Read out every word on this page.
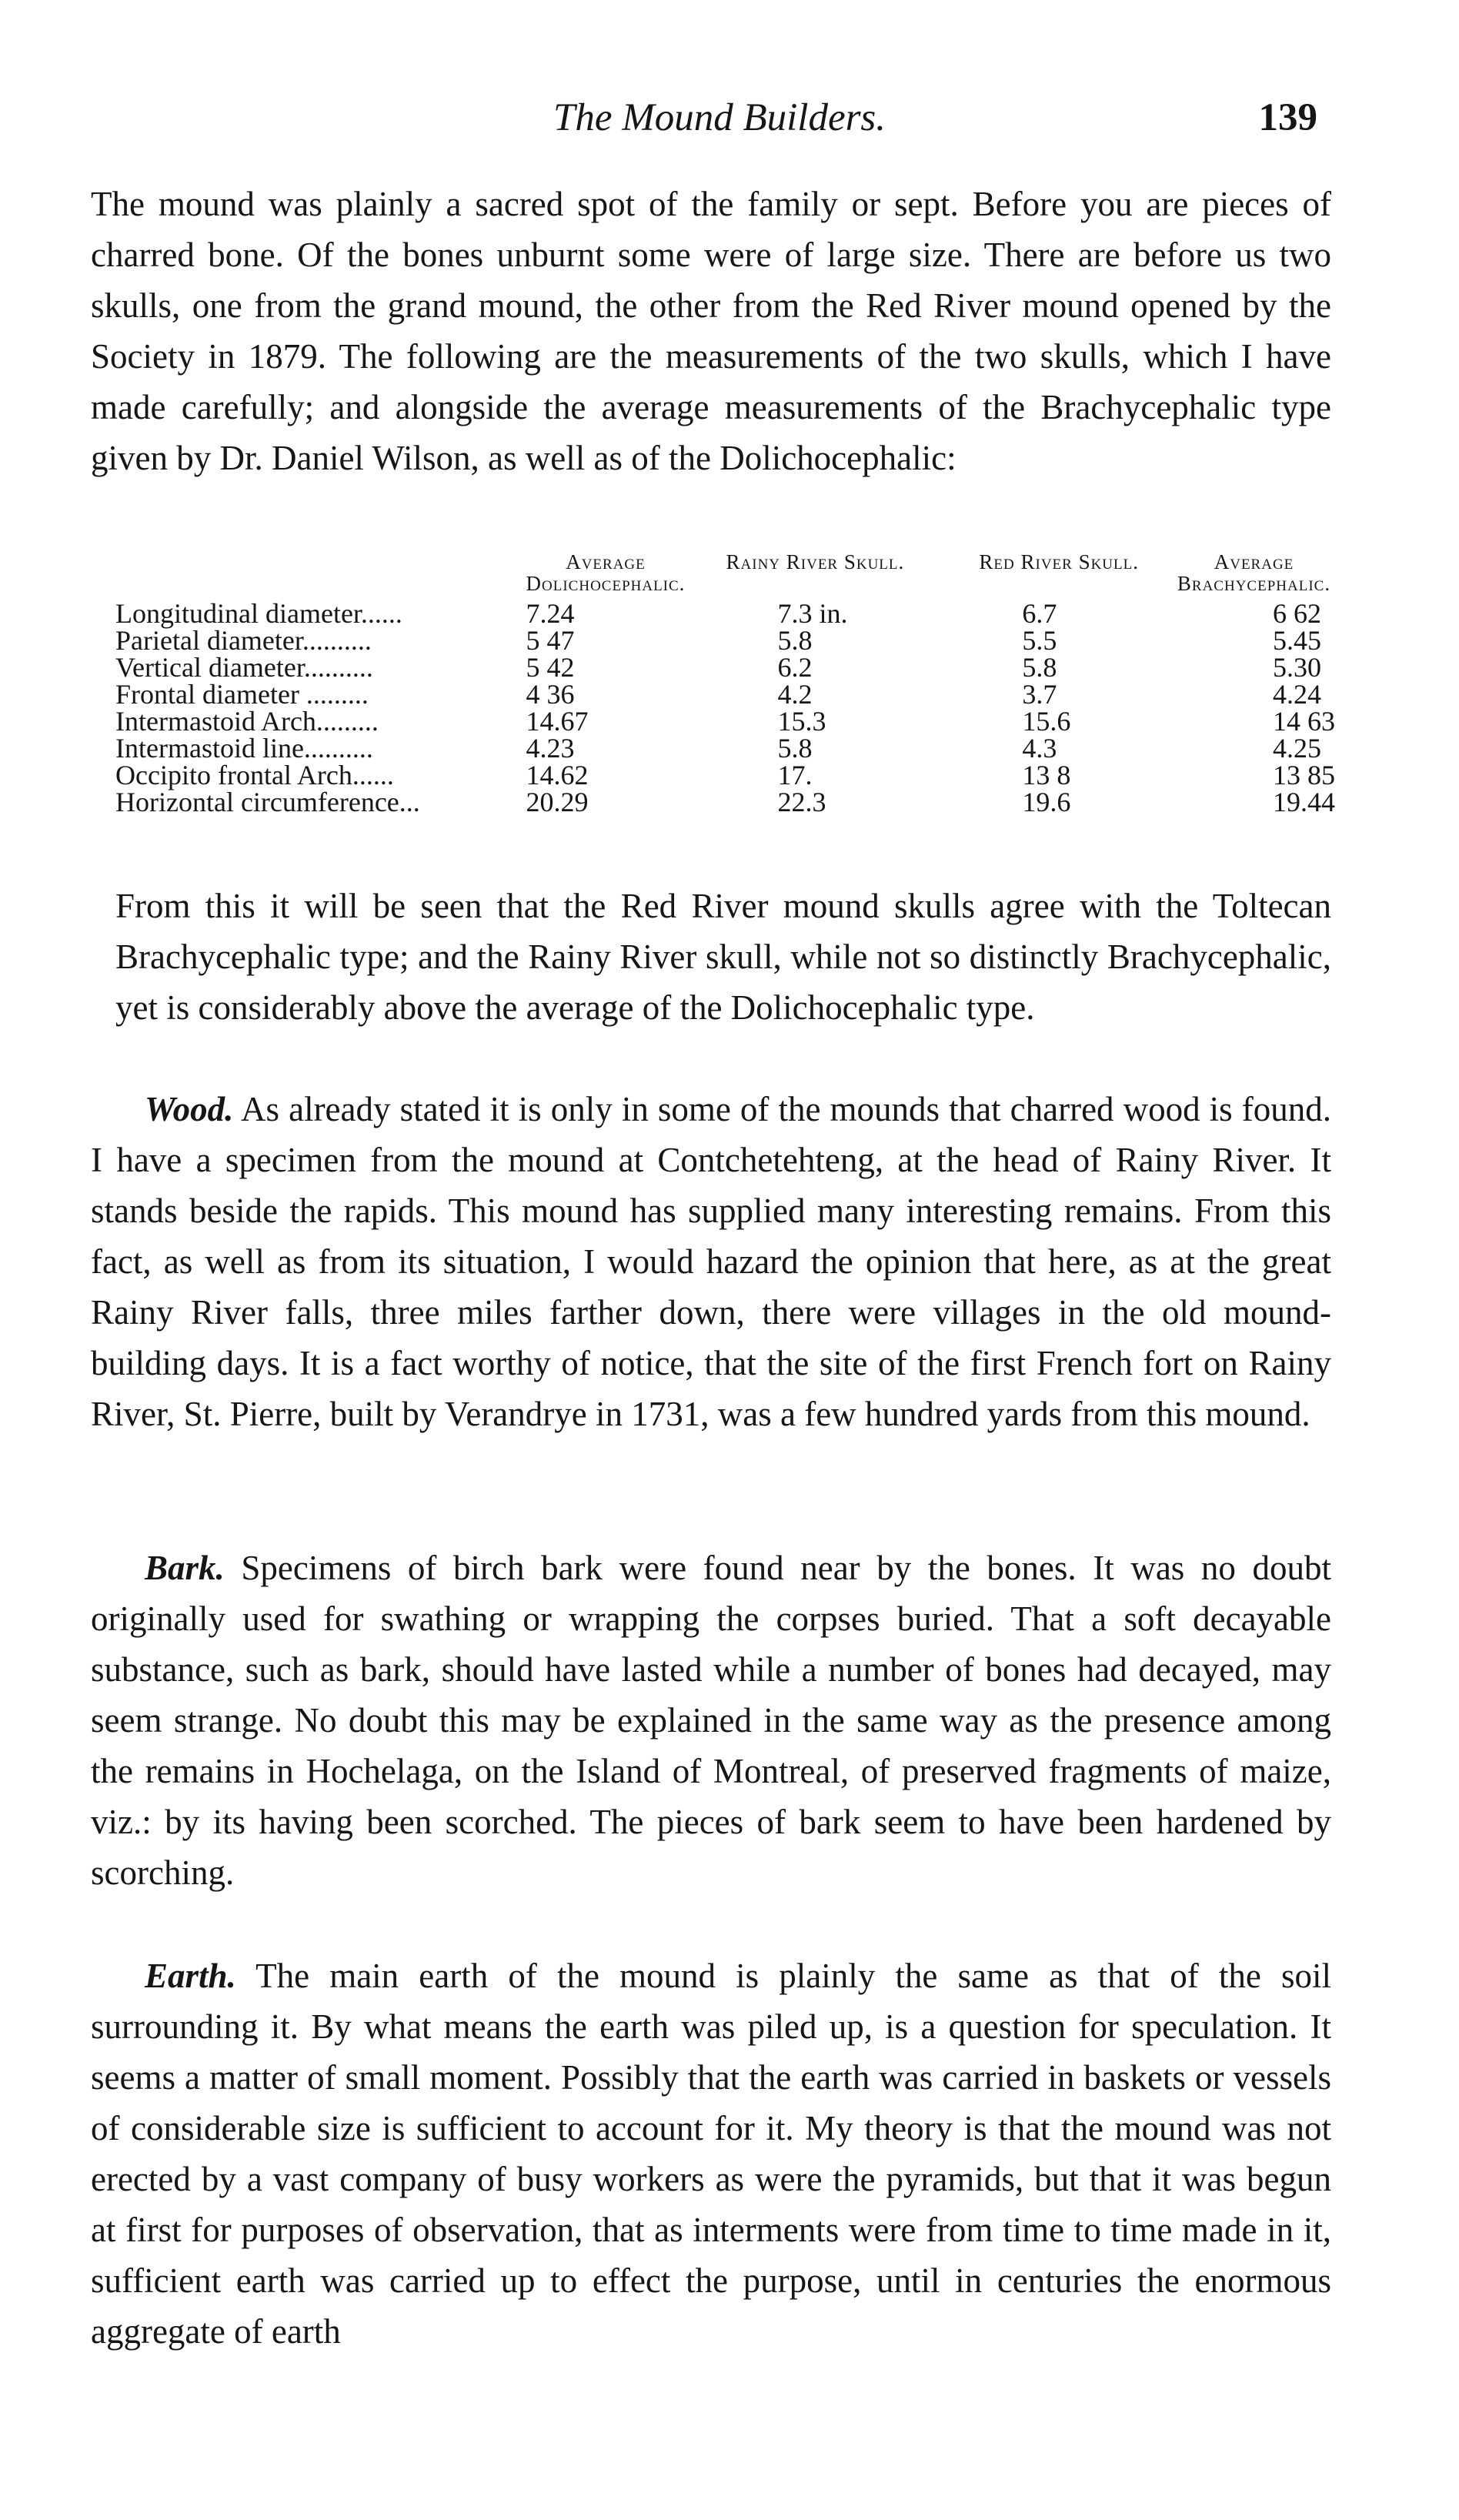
The Mound Builders.	139

The mound was plainly a sacred spot of the family or sept. Before you are pieces of charred bone. Of the bones unburnt some were of large size. There are before us two skulls, one from the grand mound, the other from the Red River mound opened by the Society in 1879. The following are the measurements of the two skulls, which I have made carefully; and alongside the average measurements of the Brachycephalic type given by Dr. Daniel Wilson, as well as of the Dolichocephalic:

	Average Dolichocephalic.	Rainy River Skull.	Red River Skull.	Average Brachycephalic.
Longitudinal diameter......	7.24	7.3 in.	6.7	6 62
Parietal diameter..........	5 47	5.8	5.5	5.45
Vertical diameter..........	5 42	6.2	5.8	5.30
Frontal diameter .........	4 36	4.2	3.7	4.24
Intermastoid Arch.........	14.67	15.3	15.6	14 63
Intermastoid line..........	4.23	5.8	4.3	4.25
Occipito frontal Arch......	14.62	17.	13 8	13 85
Horizontal circumference...	20.29	22.3	19.6	19.44

From this it will be seen that the Red River mound skulls agree with the Toltecan Brachycephalic type; and the Rainy River skull, while not so distinctly Brachycephalic, yet is considerably above the average of the Dolichocephalic type.

Wood. As already stated it is only in some of the mounds that charred wood is found. I have a specimen from the mound at Contchetehteng, at the head of Rainy River. It stands beside the rapids. This mound has supplied many interesting remains. From this fact, as well as from its situation, I would hazard the opinion that here, as at the great Rainy River falls, three miles farther down, there were villages in the old mound-building days. It is a fact worthy of notice, that the site of the first French fort on Rainy River, St. Pierre, built by Verandrye in 1731, was a few hundred yards from this mound.

Bark. Specimens of birch bark were found near by the bones. It was no doubt originally used for swathing or wrapping the corpses buried. That a soft decayable substance, such as bark, should have lasted while a number of bones had decayed, may seem strange. No doubt this may be explained in the same way as the presence among the remains in Hochelaga, on the Island of Montreal, of preserved fragments of maize, viz.: by its having been scorched. The pieces of bark seem to have been hardened by scorching.

Earth. The main earth of the mound is plainly the same as that of the soil surrounding it. By what means the earth was piled up, is a question for speculation. It seems a matter of small moment. Possibly that the earth was carried in baskets or vessels of considerable size is sufficient to account for it. My theory is that the mound was not erected by a vast company of busy workers as were the pyramids, but that it was begun at first for purposes of observation, that as interments were from time to time made in it, sufficient earth was carried up to effect the purpose, until in centuries the enormous aggregate of earth
